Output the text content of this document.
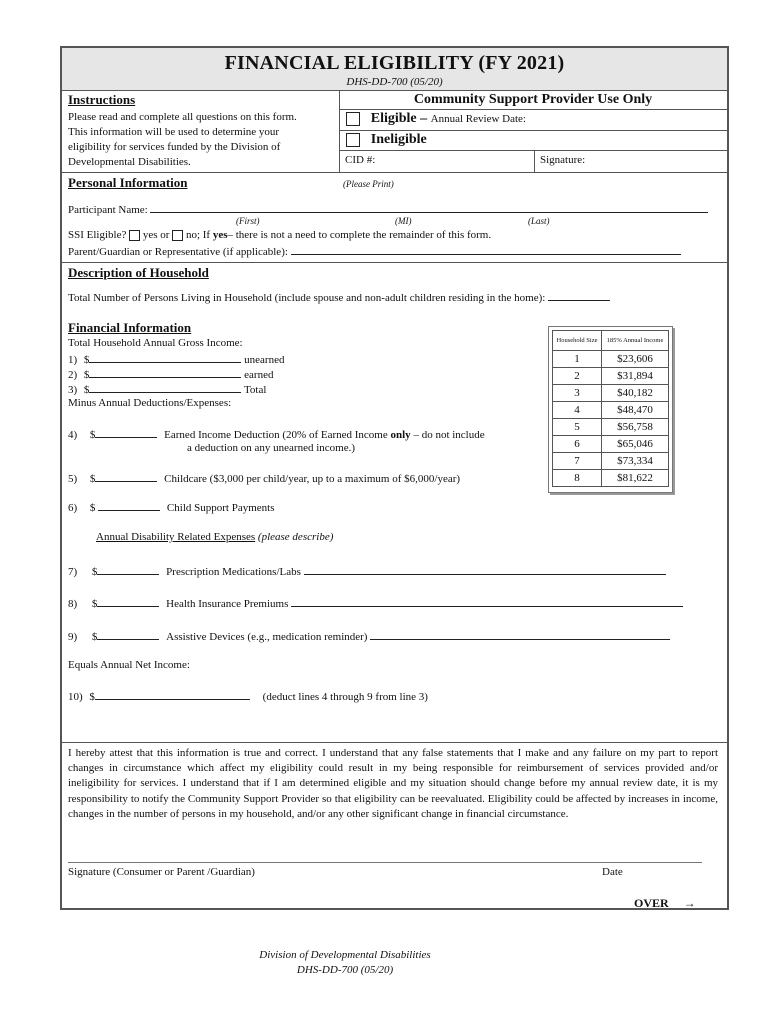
FINANCIAL ELIGIBILITY (FY 2021)
DHS-DD-700 (05/20)
Instructions
Please read and complete all questions on this form.
This information will be used to determine your
eligibility for services funded by the Division of
Developmental Disabilities.
Community Support Provider Use Only
Eligible – Annual Review Date:
Ineligible
CID #:	Signature:
Personal Information	(Please Print)
Participant Name:
(First)	(MI)	(Last)
SSI Eligible? yes or no; If yes– there is not a need to complete the remainder of this form.
Parent/Guardian or Representative (if applicable):
Description of Household
Total Number of Persons Living in Household (include spouse and non-adult children residing in the home):
Financial Information
Total Household Annual Gross Income:
1) $	unearned
2) $	earned
3) $	Total
Minus Annual Deductions/Expenses:
4) $	Earned Income Deduction (20% of Earned Income only – do not include
a deduction on any unearned income.)
5) $	Childcare ($3,000 per child/year, up to a maximum of $6,000/year)
6) $	Child Support Payments
Annual Disability Related Expenses (please describe)
7) $	Prescription Medications/Labs
8) $	Health Insurance Premiums
9) $	Assistive Devices (e.g., medication reminder)
Equals Annual Net Income:
10) $	(deduct lines 4 through 9 from line 3)
Household Size	185% Annual Income
1	$23,606
2	$31,894
3	$40,182
4	$48,470
5	$56,758
6	$65,046
7	$73,334
8	$81,622
I hereby attest that this information is true and correct. I understand that any false statements that I make and any failure on my part to report changes in circumstance which affect my eligibility could result in my being responsible for reimbursement of services provided and/or ineligibility for services. I understand that if I am determined eligible and my situation should change before my annual review date, it is my responsibility to notify the Community Support Provider so that eligibility can be reevaluated. Eligibility could be affected by increases in income, changes in the number of persons in my household, and/or any other significant change in financial circumstance.
Signature (Consumer or Parent /Guardian)	Date
OVER →
Division of Developmental Disabilities
DHS-DD-700 (05/20)
